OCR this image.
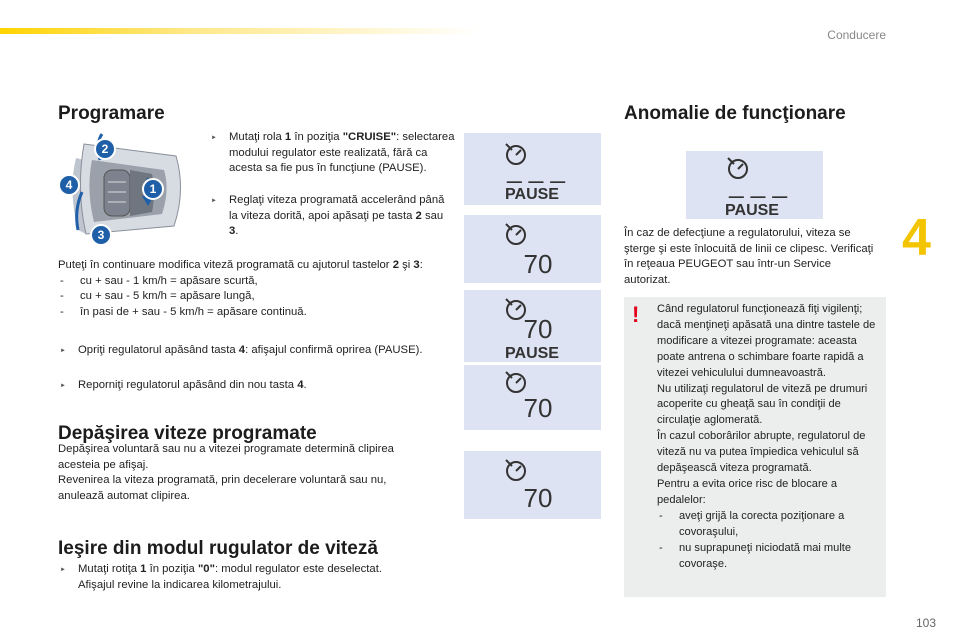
Conducere
4
103
Programare
1
2
3
4
► Mutaţi rola 1 în poziţia "CRUISE": selectarea modului regulator este realizată, fără ca acesta sa fie pus în funcţiune (PAUSE).
► Reglaţi viteza programată accelerând până la viteza dorită, apoi apăsaţi pe tasta 2 sau 3.
Puteţi în continuare modifica viteză programată cu ajutorul tastelor 2 şi 3:
- cu + sau - 1 km/h = apăsare scurtă,
- cu + sau - 5 km/h = apăsare lungă,
- în pasi de + sau - 5 km/h = apăsare continuă.
► Opriţi regulatorul apăsând tasta 4: afişajul confirmă oprirea (PAUSE).
► Reporniţi regulatorul apăsând din nou tasta 4.
Depăşirea viteze programate
Depăşirea voluntară sau nu a vitezei programate determină clipirea acesteia pe afişaj.
Revenirea la viteza programată, prin decelerare voluntară sau nu, anulează automat clipirea.
Ieşire din modul rugulator de viteză
► Mutaţi rotiţa 1 în poziţia "0": modul regulator este deselectat.
Afişajul revine la indicarea kilometrajului.
_ _ _
PAUSE
70
70
PAUSE
70
70
Anomalie de funcţionare
_ _ _
PAUSE
În caz de defecţiune a regulatorului, viteza se şterge şi este înlocuită de linii ce clipesc. Verificaţi în reţeaua PEUGEOT sau într-un Service autorizat.
! Când regulatorul funcţionează fiţi vigilenţi; dacă menţineţi apăsată una dintre tastele de modificare a vitezei programate: aceasta poate antrena o schimbare foarte rapidă a vitezei vehiculului dumneavoastră.
Nu utilizaţi regulatorul de viteză pe drumuri acoperite cu gheaţă sau în condiţii de circulaţie aglomerată.
În cazul coborârilor abrupte, regulatorul de viteză nu va putea împiedica vehiculul să depăşească viteza programată.
Pentru a evita orice risc de blocare a pedalelor:
- aveţi grijă la corecta poziţionare a covoraşului,
- nu suprapuneţi niciodată mai multe covoraşe.
